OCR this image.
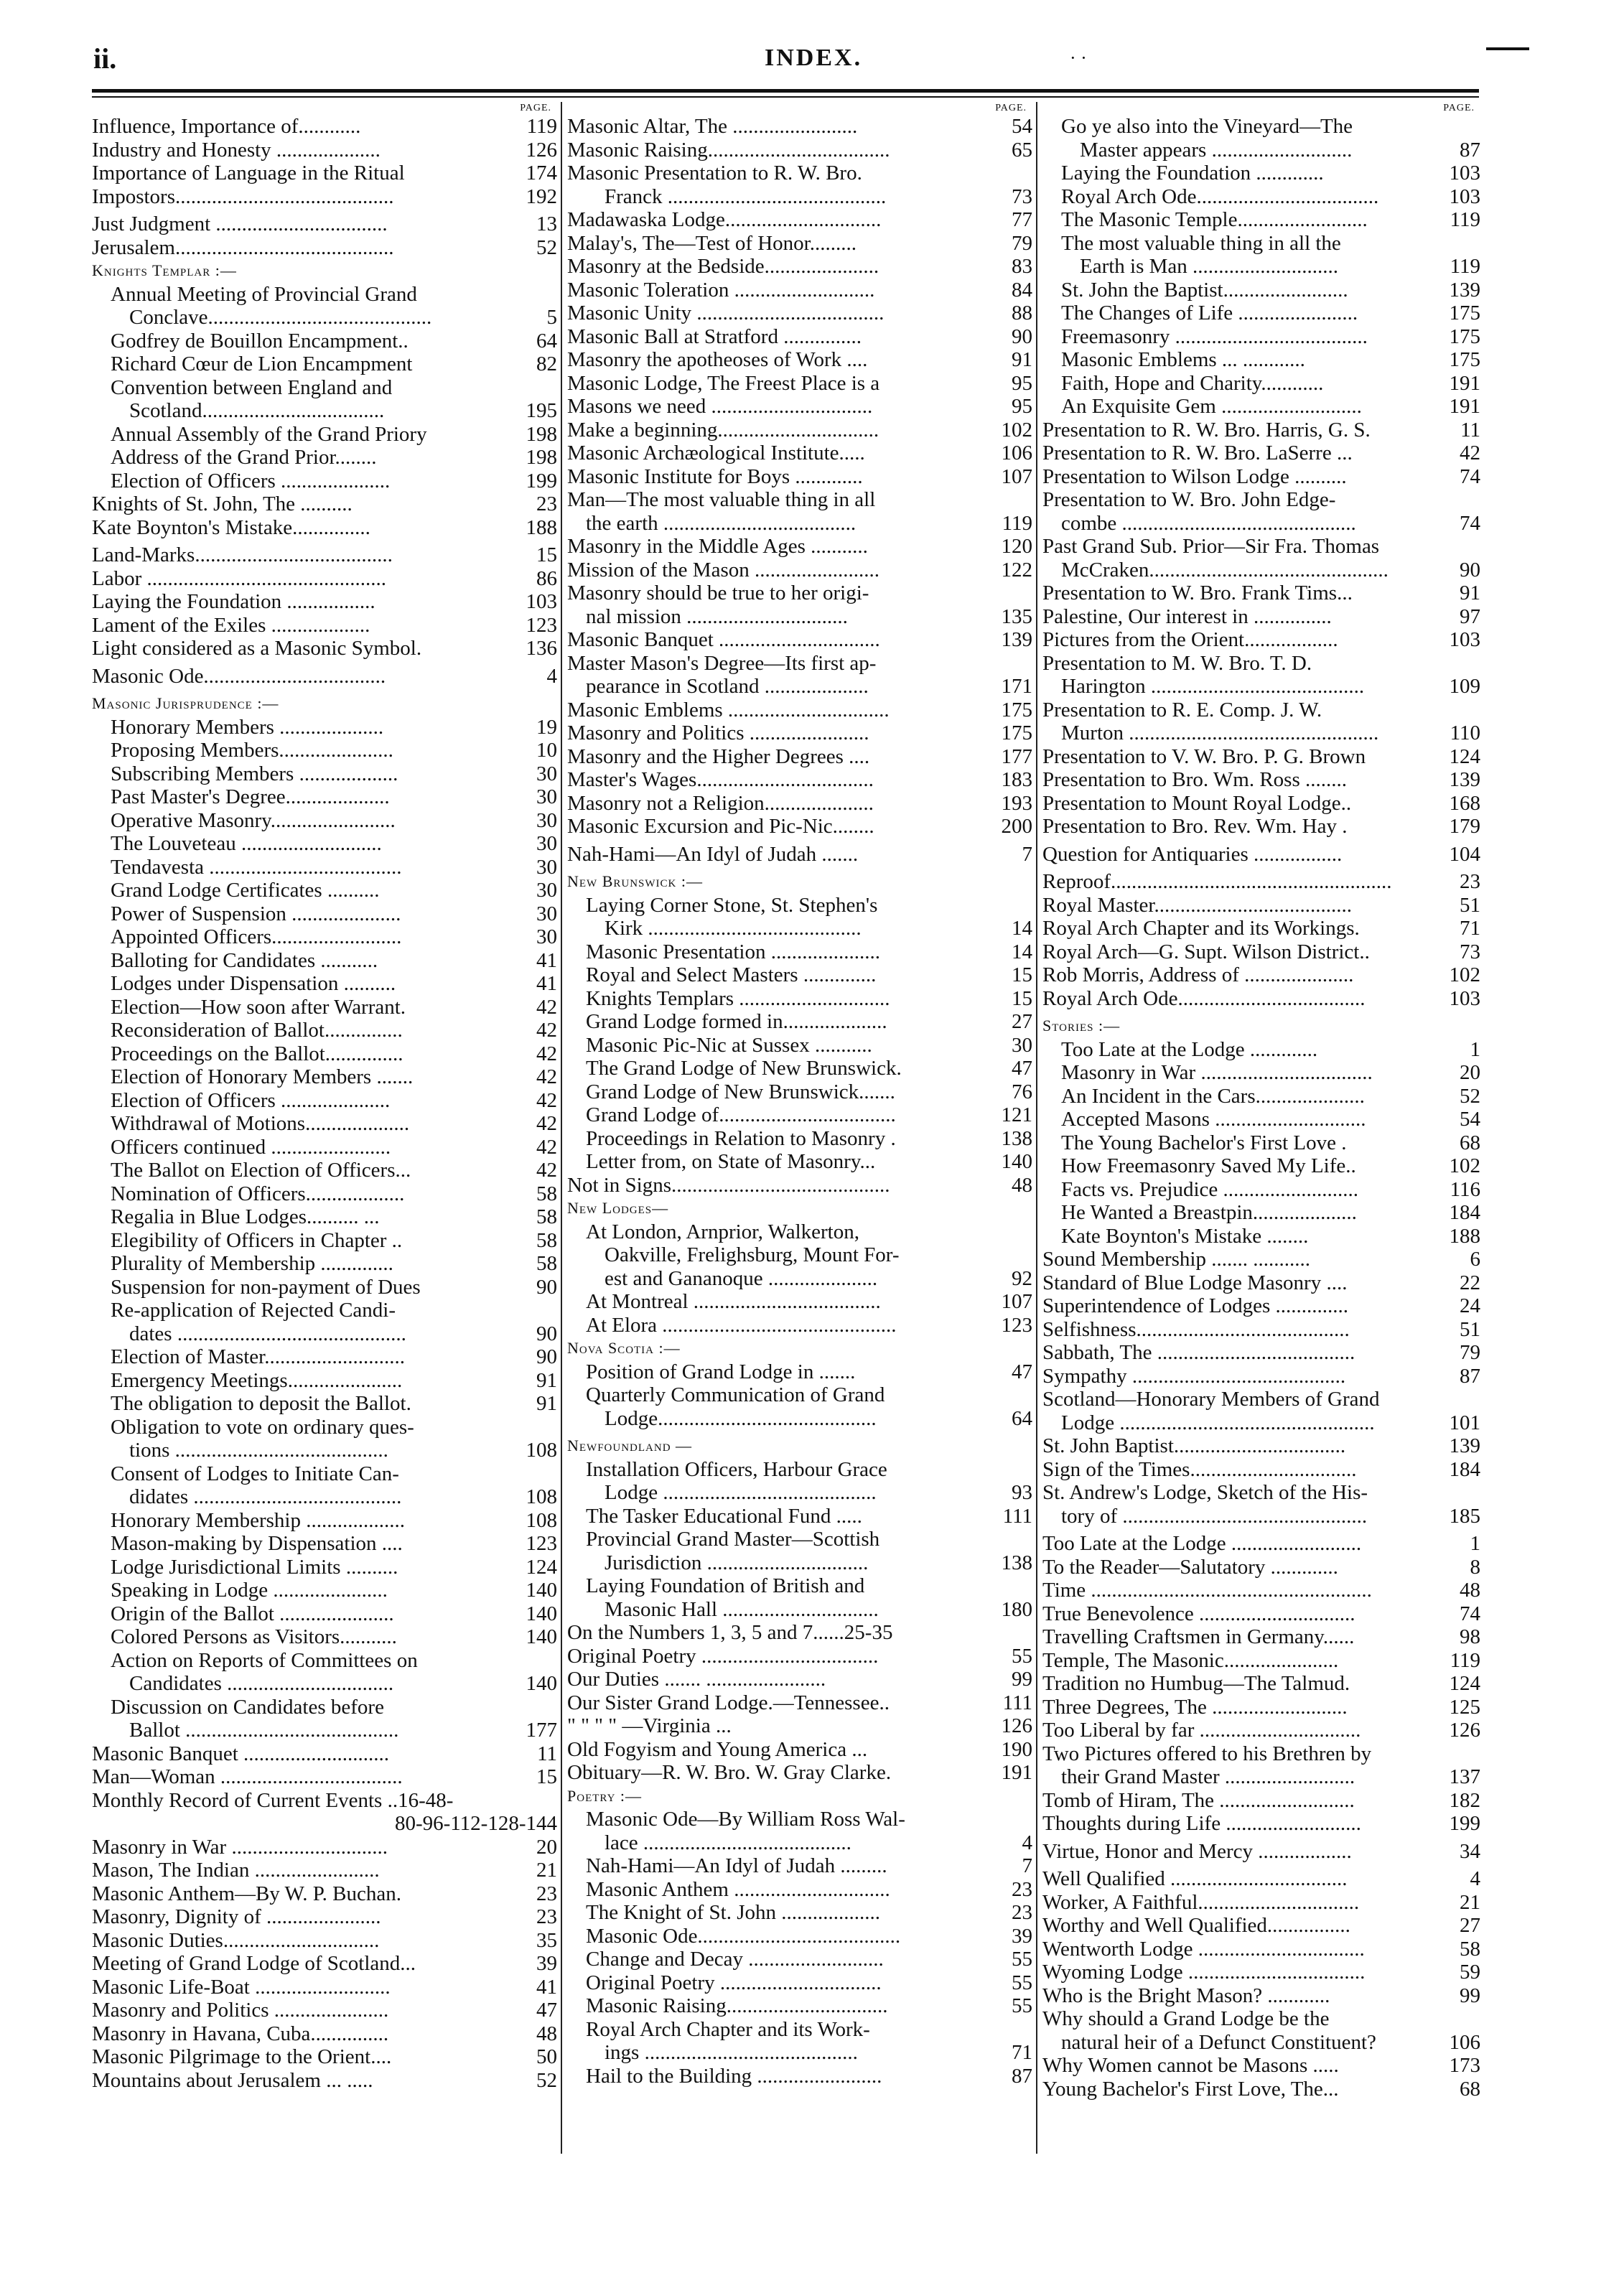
ii.	INDEX.	· ·
PAGE.
Influence, Importance of............	119
Industry and Honesty ....................	126
Importance of Language in the Ritual	174
Impostors..........................................	192
Just Judgment .................................	13
Jerusalem..........................................	52
Knights Templar :—
Annual Meeting of Provincial Grand
Conclave...........................................	5
Godfrey de Bouillon Encampment..	64
Richard Cœur de Lion Encampment	82
Convention between England and
Scotland...................................	195
Annual Assembly of the Grand Priory	198
Address of the Grand Prior........	198
Election of Officers .....................	199
Knights of St. John, The ..........	23
Kate Boynton's Mistake...............	188
Land-Marks......................................	15
Labor ..............................................	86
Laying the Foundation .................	103
Lament of the Exiles ...................	123
Light considered as a Masonic Symbol.	136
Masonic Ode...................................	4
Masonic Jurisprudence :—
Honorary Members ....................	19
Proposing Members......................	10
Subscribing Members ...................	30
Past Master's Degree....................	30
Operative Masonry........................	30
The Louveteau ...........................	30
Tendavesta .....................................	30
Grand Lodge Certificates ..........	30
Power of Suspension .....................	30
Appointed Officers.........................	30
Balloting for Candidates ...........	41
Lodges under Dispensation ..........	41
Election—How soon after Warrant.	42
Reconsideration of Ballot...............	42
Proceedings on the Ballot...............	42
Election of Honorary Members .......	42
Election of Officers .....................	42
Withdrawal of Motions....................	42
Officers continued .......................	42
The Ballot on Election of Officers...	42
Nomination of Officers...................	58
Regalia in Blue Lodges.......... ...	58
Elegibility of Officers in Chapter ..	58
Plurality of Membership ..............	58
Suspension for non-payment of Dues	90
Re-application of Rejected Candi-
dates ............................................	90
Election of Master...........................	90
Emergency Meetings......................	91
The obligation to deposit the Ballot.	91
Obligation to vote on ordinary ques-
tions .........................................	108
Consent of Lodges to Initiate Can-
didates ........................................	108
Honorary Membership ...................	108
Mason-making by Dispensation ....	123
Lodge Jurisdictional Limits ..........	124
Speaking in Lodge ......................	140
Origin of the Ballot ......................	140
Colored Persons as Visitors...........	140
Action on Reports of Committees on
Candidates ................................	140
Discussion on Candidates before
Ballot .........................................	177
Masonic Banquet ............................	11
Man—Woman ...................................	15
Monthly Record of Current Events ..16-48-
80-96-112-128-144
Masonry in War ..............................	20
Mason, The Indian ........................	21
Masonic Anthem—By W. P. Buchan.	23
Masonry, Dignity of ......................	23
Masonic Duties..............................	35
Meeting of Grand Lodge of Scotland...	39
Masonic Life-Boat ..........................	41
Masonry and Politics ......................	47
Masonry in Havana, Cuba...............	48
Masonic Pilgrimage to the Orient....	50
Mountains about Jerusalem ... .....	52
PAGE.
Masonic Altar, The ........................	54
Masonic Raising...................................	65
Masonic Presentation to R. W. Bro.
Franck ..........................................	73
Madawaska Lodge..............................	77
Malay's, The—Test of Honor.........	79
Masonry at the Bedside......................	83
Masonic Toleration ...........................	84
Masonic Unity ....................................	88
Masonic Ball at Stratford ...............	90
Masonry the apotheoses of Work ....	91
Masonic Lodge, The Freest Place is a	95
Masons we need ...............................	95
Make a beginning...............................	102
Masonic Archæological Institute.....	106
Masonic Institute for Boys .............	107
Man—The most valuable thing in all
the earth .....................................	119
Masonry in the Middle Ages ...........	120
Mission of the Mason ........................	122
Masonry should be true to her origi-
nal mission ...............................	135
Masonic Banquet ...............................	139
Master Mason's Degree—Its first ap-
pearance in Scotland ....................	171
Masonic Emblems ...............................	175
Masonry and Politics .......................	175
Masonry and the Higher Degrees ....	177
Master's Wages..................................	183
Masonry not a Religion.....................	193
Masonic Excursion and Pic-Nic........	200
Nah-Hami—An Idyl of Judah .......	7
New Brunswick :—
Laying Corner Stone, St. Stephen's
Kirk .........................................	14
Masonic Presentation .....................	14
Royal and Select Masters ..............	15
Knights Templars .............................	15
Grand Lodge formed in....................	27
Masonic Pic-Nic at Sussex ...........	30
The Grand Lodge of New Brunswick.	47
Grand Lodge of New Brunswick.......	76
Grand Lodge of..................................	121
Proceedings in Relation to Masonry .	138
Letter from, on State of Masonry...	140
Not in Signs..........................................	48
New Lodges—
At London, Arnprior, Walkerton,
Oakville, Frelighsburg, Mount For-
est and Gananoque .....................	92
At Montreal ....................................	107
At Elora .............................................	123
Nova Scotia :—
Position of Grand Lodge in .......	47
Quarterly Communication of Grand
Lodge..........................................	64
Newfoundland —
Installation Officers, Harbour Grace
Lodge .........................................	93
The Tasker Educational Fund .....	111
Provincial Grand Master—Scottish
Jurisdiction ...............................	138
Laying Foundation of British and
Masonic Hall ..............................	180
On the Numbers 1, 3, 5 and 7......25-35
Original Poetry ..................................	55
Our Duties ....... .......................	99
Our Sister Grand Lodge.—Tennessee..	111
" " " " —Virginia ...	126
Old Fogyism and Young America ...	190
Obituary—R. W. Bro. W. Gray Clarke.	191
Poetry :—
Masonic Ode—By William Ross Wal-
lace ........................................	4
Nah-Hami—An Idyl of Judah .........	7
Masonic Anthem ..............................	23
The Knight of St. John ...................	23
Masonic Ode.......................................	39
Change and Decay ..........................	55
Original Poetry ...............................	55
Masonic Raising...............................	55
Royal Arch Chapter and its Work-
ings .........................................	71
Hail to the Building ........................	87
PAGE.
Go ye also into the Vineyard—The
Master appears ...........................	87
Laying the Foundation .............	103
Royal Arch Ode...................................	103
The Masonic Temple.........................	119
The most valuable thing in all the
Earth is Man ............................	119
St. John the Baptist........................	139
The Changes of Life .......................	175
Freemasonry .....................................	175
Masonic Emblems ... ............	175
Faith, Hope and Charity............	191
An Exquisite Gem ...........................	191
Presentation to R. W. Bro. Harris, G. S.	11
Presentation to R. W. Bro. LaSerre ...	42
Presentation to Wilson Lodge ..........	74
Presentation to W. Bro. John Edge-
combe .............................................	74
Past Grand Sub. Prior—Sir Fra. Thomas
McCraken..............................................	90
Presentation to W. Bro. Frank Tims...	91
Palestine, Our interest in ...............	97
Pictures from the Orient..................	103
Presentation to M. W. Bro. T. D.
Harington .........................................	109
Presentation to R. E. Comp. J. W.
Murton ................................................	110
Presentation to V. W. Bro. P. G. Brown	124
Presentation to Bro. Wm. Ross ........	139
Presentation to Mount Royal Lodge..	168
Presentation to Bro. Rev. Wm. Hay .	179
Question for Antiquaries .................	104
Reproof......................................................	23
Royal Master......................................	51
Royal Arch Chapter and its Workings.	71
Royal Arch—G. Supt. Wilson District..	73
Rob Morris, Address of .....................	102
Royal Arch Ode....................................	103
Stories :—
Too Late at the Lodge .............	1
Masonry in War .................................	20
An Incident in the Cars.....................	52
Accepted Masons .............................	54
The Young Bachelor's First Love .	68
How Freemasonry Saved My Life..	102
Facts vs. Prejudice ..........................	116
He Wanted a Breastpin....................	184
Kate Boynton's Mistake ........	188
Sound Membership ....... ...........	6
Standard of Blue Lodge Masonry ....	22
Superintendence of Lodges ..............	24
Selfishness.........................................	51
Sabbath, The ......................................	79
Sympathy .........................................	87
Scotland—Honorary Members of Grand
Lodge .................................................	101
St. John Baptist.................................	139
Sign of the Times................................	184
St. Andrew's Lodge, Sketch of the His-
tory of ...............................................	185
Too Late at the Lodge .........................	1
To the Reader—Salutatory .............	8
Time ......................................................	48
True Benevolence ..............................	74
Travelling Craftsmen in Germany......	98
Temple, The Masonic......................	119
Tradition no Humbug—The Talmud.	124
Three Degrees, The ..........................	125
Too Liberal by far ...............................	126
Two Pictures offered to his Brethren by
their Grand Master .........................	137
Tomb of Hiram, The ..........................	182
Thoughts during Life ..........................	199
Virtue, Honor and Mercy ..................	34
Well Qualified ..................................	4
Worker, A Faithful...............................	21
Worthy and Well Qualified................	27
Wentworth Lodge ................................	58
Wyoming Lodge ..................................	59
Who is the Bright Mason? ............	99
Why should a Grand Lodge be the
natural heir of a Defunct Constituent?	106
Why Women cannot be Masons .....	173
Young Bachelor's First Love, The...	68
